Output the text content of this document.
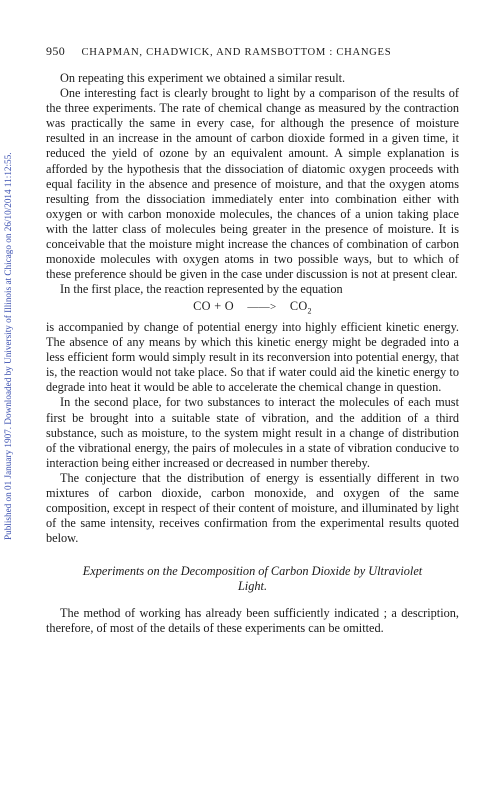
Published on 01 January 1907. Downloaded by University of Illinois at Chicago on 26/10/2014 11:12:55.
950 CHAPMAN, CHADWICK, AND RAMSBOTTOM : CHANGES

On repeating this experiment we obtained a similar result.

One interesting fact is clearly brought to light by a comparison of the results of the three experiments. The rate of chemical change as measured by the contraction was practically the same in every case, for although the presence of moisture resulted in an increase in the amount of carbon dioxide formed in a given time, it reduced the yield of ozone by an equivalent amount. A simple explanation is afforded by the hypothesis that the dissociation of diatomic oxygen proceeds with equal facility in the absence and presence of moisture, and that the oxygen atoms resulting from the dissociation immediately enter into combination either with oxygen or with carbon monoxide molecules, the chances of a union taking place with the latter class of molecules being greater in the presence of moisture. It is conceivable that the moisture might increase the chances of combination of carbon monoxide molecules with oxygen atoms in two possible ways, but to which of these preference should be given in the case under discussion is not at present clear.

In the first place, the reaction represented by the equation

CO + O ——> $CO_2$

is accompanied by change of potential energy into highly efficient kinetic energy. The absence of any means by which this kinetic energy might be degraded into a less efficient form would simply result in its reconversion into potential energy, that is, the reaction would not take place. So that if water could aid the kinetic energy to degrade into heat it would be able to accelerate the chemical change in question.

In the second place, for two substances to interact the molecules of each must first be brought into a suitable state of vibration, and the addition of a third substance, such as moisture, to the system might result in a change of distribution of the vibrational energy, the pairs of molecules in a state of vibration conducive to interaction being either increased or decreased in number thereby.

The conjecture that the distribution of energy is essentially different in two mixtures of carbon dioxide, carbon monoxide, and oxygen of the same composition, except in respect of their content of moisture, and illuminated by light of the same intensity, receives confirmation from the experimental results quoted below.

Experiments on the Decomposition of Carbon Dioxide by Ultraviolet Light.

The method of working has already been sufficiently indicated ; a description, therefore, of most of the details of these experiments can be omitted.
